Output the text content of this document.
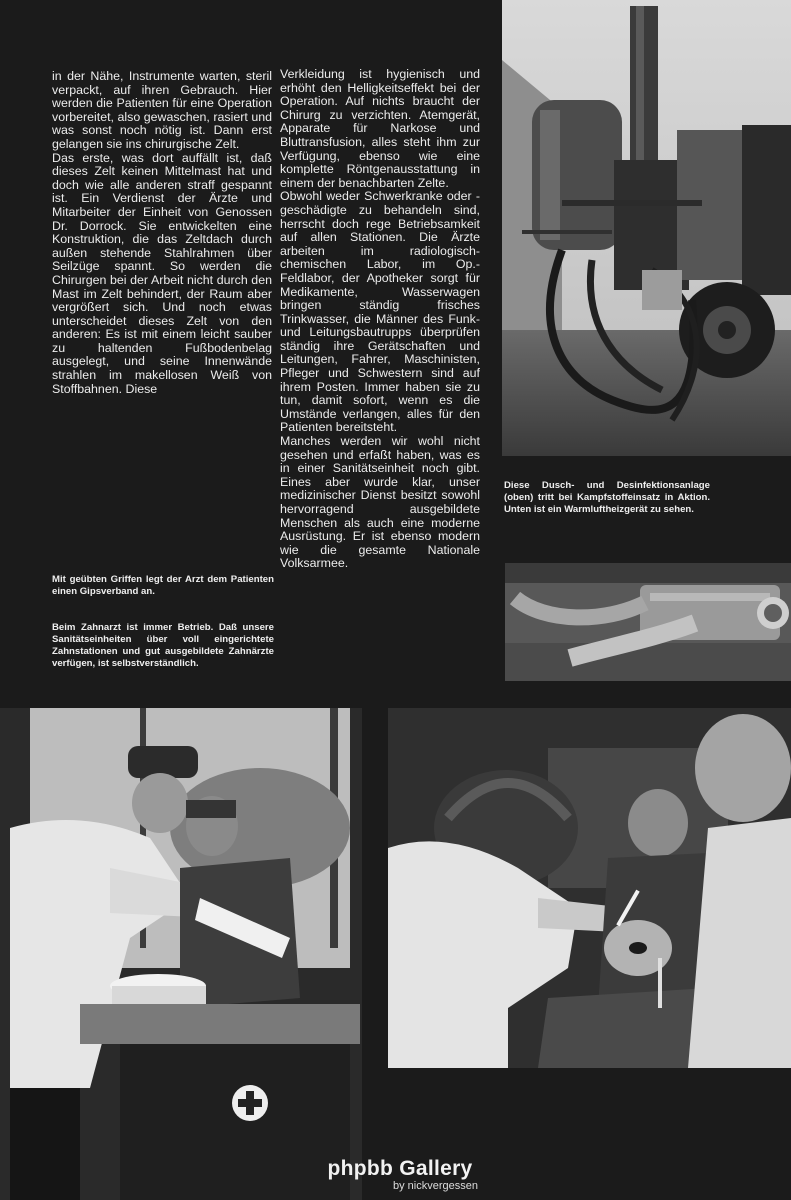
in der Nähe, Instrumente warten, steril verpackt, auf ihren Gebrauch. Hier werden die Patienten für eine Operation vorbereitet, also gewaschen, rasiert und was sonst noch nötig ist. Dann erst gelangen sie ins chirurgische Zelt.

Das erste, was dort auffällt ist, daß dieses Zelt keinen Mittelmast hat und doch wie alle anderen straff gespannt ist. Ein Verdienst der Ärzte und Mitarbeiter der Einheit von Genossen Dr. Dorrock. Sie entwickelten eine Konstruktion, die das Zeltdach durch außen stehende Stahlrahmen über Seilzüge spannt. So werden die Chirurgen bei der Arbeit nicht durch den Mast im Zelt behindert, der Raum aber vergrößert sich. Und noch etwas unterscheidet dieses Zelt von den anderen: Es ist mit einem leicht sauber zu haltenden Fußbodenbelag ausgelegt, und seine Innenwände strahlen im makellosen Weiß von Stoffbahnen. Diese

Verkleidung ist hygienisch und erhöht den Helligkeitseffekt bei der Operation. Auf nichts braucht der Chirurg zu verzichten. Atemgerät, Apparate für Narkose und Bluttransfusion, alles steht ihm zur Verfügung, ebenso wie eine komplette Röntgenausstattung in einem der benachbarten Zelte.

Obwohl weder Schwerkranke oder -geschädigte zu behandeln sind, herrscht doch rege Betriebsamkeit auf allen Stationen. Die Ärzte arbeiten im radiologisch-chemischen Labor, im Op.-Feldlabor, der Apotheker sorgt für Medikamente, Wasserwagen bringen ständig frisches Trinkwasser, die Männer des Funk- und Leitungsbautrupps überprüfen ständig ihre Gerätschaften und Leitungen, Fahrer, Maschinisten, Pfleger und Schwestern sind auf ihrem Posten. Immer haben sie zu tun, damit sofort, wenn es die Umstände verlangen, alles für den Patienten bereitsteht.

Manches werden wir wohl nicht gesehen und erfaßt haben, was es in einer Sanitätseinheit noch gibt. Eines aber wurde klar, unser medizinischer Dienst besitzt sowohl hervorragend ausgebildete Menschen als auch eine moderne Ausrüstung. Er ist ebenso modern wie die gesamte Nationale Volksarmee.

Mit geübten Griffen legt der Arzt dem Patienten einen Gipsverband an.
Beim Zahnarzt ist immer Betrieb. Daß unsere Sanitätseinheiten über voll eingerichtete Zahnstationen und gut ausgebildete Zahnärzte verfügen, ist selbstverständlich.
Diese Dusch- und Desinfektionsanlage (oben) tritt bei Kampfstoffeinsatz in Aktion. Unten ist ein Warmluftheizgerät zu sehen.
phpbb Gallery
by nickvergessen
